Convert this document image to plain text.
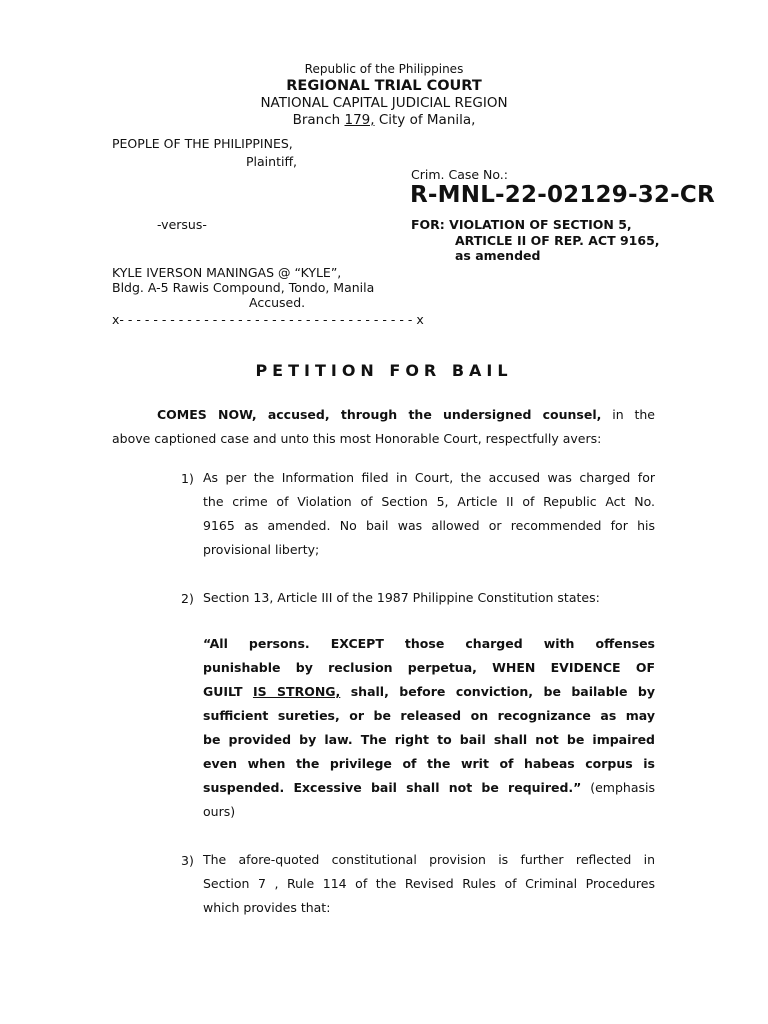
Republic of the Philippines
REGIONAL TRIAL COURT
NATIONAL CAPITAL JUDICIAL REGION
Branch 179, City of Manila,
PEOPLE OF THE PHILIPPINES,
Plaintiff,
Crim. Case No.:
R-MNL-22-02129-32-CR
-versus-	FOR: VIOLATION OF SECTION 5,
ARTICLE II OF REP. ACT 9165,
as amended
KYLE IVERSON MANINGAS @ “KYLE”,
Bldg. A-5 Rawis Compound, Tondo, Manila
Accused.
x- - - - - - - - - - - - - - - - - - - - - - - - - - - - - - - - - - - x
PETITION FOR BAIL
COMES NOW, accused, through the undersigned counsel, in the
above captioned case and unto this most Honorable Court, respectfully avers:
1) As per the Information filed in Court, the accused was charged for
the crime of Violation of Section 5, Article II of Republic Act No.
9165 as amended. No bail was allowed or recommended for his
provisional liberty;
2) Section 13, Article III of the 1987 Philippine Constitution states:
“All persons. EXCEPT those charged with offenses
punishable by reclusion perpetua, WHEN EVIDENCE OF
GUILT IS STRONG, shall, before conviction, be bailable by
sufficient sureties, or be released on recognizance as may
be provided by law. The right to bail shall not be impaired
even when the privilege of the writ of habeas corpus is
suspended. Excessive bail shall not be required.” (emphasis
ours)
3) The afore-quoted constitutional provision is further reflected in
Section 7 , Rule 114 of the Revised Rules of Criminal Procedures
which provides that:
